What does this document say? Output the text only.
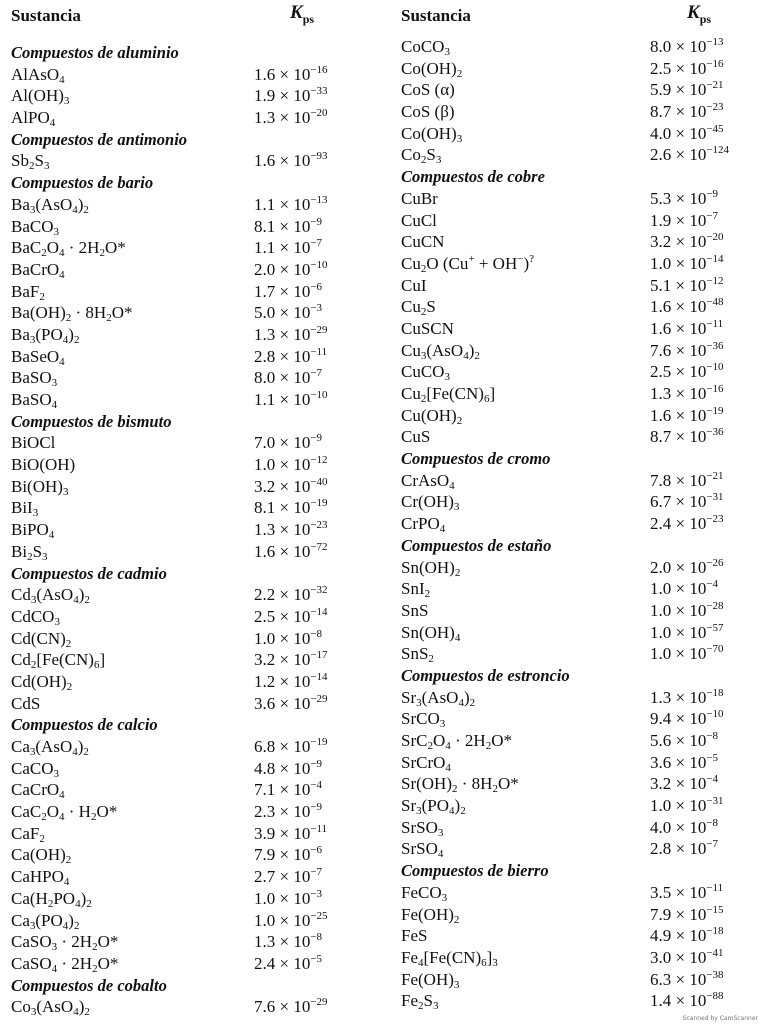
Sustancia	$K_{ps}$
Compuestos de aluminio
AlAsO$_4$	$1.6 \times 10^{-16}$
$Al(OH)_3$	$1.9 \times 10^{-33}$
AlPO$_4$	$1.3 \times 10^{-20}$
Compuestos de antimonio
$Sb_2S_3$	$1.6 \times 10^{-93}$
Compuestos de bario
$Ba_3(AsO_4)_2$	$1.1 \times 10^{-13}$
BaCO$_3$	$8.1 \times 10^{-9}$
$BaC_2O_4 \cdot 2H_2O*$	$1.1 \times 10^{-7}$
BaCrO$_4$	$2.0 \times 10^{-10}$
BaF$_2$	$1.7 \times 10^{-6}$
$Ba(OH)_2 \cdot 8H_2O*$	$5.0 \times 10^{-3}$
$Ba_3(PO_4)_2$	$1.3 \times 10^{-29}$
BaSeO$_4$	$2.8 \times 10^{-11}$
BaSO$_3$	$8.0 \times 10^{-7}$
BaSO$_4$	$1.1 \times 10^{-10}$
Compuestos de bismuto
BiOCl	$7.0 \times 10^{-9}$
BiO(OH)	$1.0 \times 10^{-12}$
$Bi(OH)_3$	$3.2 \times 10^{-40}$
BiI$_3$	$8.1 \times 10^{-19}$
BiPO$_4$	$1.3 \times 10^{-23}$
$Bi_2S_3$	$1.6 \times 10^{-72}$
Compuestos de cadmio
$Cd_3(AsO_4)_2$	$2.2 \times 10^{-32}$
CdCO$_3$	$2.5 \times 10^{-14}$
$Cd(CN)_2$	$1.0 \times 10^{-8}$
$Cd_2[Fe(CN)_6]$	$3.2 \times 10^{-17}$
$Cd(OH)_2$	$1.2 \times 10^{-14}$
CdS	$3.6 \times 10^{-29}$
Compuestos de calcio
$Ca_3(AsO_4)_2$	$6.8 \times 10^{-19}$
CaCO$_3$	$4.8 \times 10^{-9}$
CaCrO$_4$	$7.1 \times 10^{-4}$
$CaC_2O_4 \cdot H_2O*$	$2.3 \times 10^{-9}$
CaF$_2$	$3.9 \times 10^{-11}$
$Ca(OH)_2$	$7.9 \times 10^{-6}$
CaHPO$_4$	$2.7 \times 10^{-7}$
$Ca(H_2PO_4)_2$	$1.0 \times 10^{-3}$
$Ca_3(PO_4)_2$	$1.0 \times 10^{-25}$
CaSO$_3$ · $2H_2O*$	$1.3 \times 10^{-8}$
CaSO$_4$ · $2H_2O*$	$2.4 \times 10^{-5}$
Compuestos de cobalto
$Co_3(AsO_4)_2$	$7.6 \times 10^{-29}$
Sustancia	$K_{ps}$
CoCO$_3$	$8.0 \times 10^{-13}$
$Co(OH)_2$	$2.5 \times 10^{-16}$
CoS (α)	$5.9 \times 10^{-21}$
CoS (β)	$8.7 \times 10^{-23}$
$Co(OH)_3$	$4.0 \times 10^{-45}$
$Co_2S_3$	$2.6 \times 10^{-124}$
Compuestos de cobre
CuBr	$5.3 \times 10^{-9}$
CuCl	$1.9 \times 10^{-7}$
CuCN	$3.2 \times 10^{-20}$
$Cu_2O$ (Cu+ + OH−)?	$1.0 \times 10^{-14}$
CuI	$5.1 \times 10^{-12}$
$Cu_2S$	$1.6 \times 10^{-48}$
CuSCN	$1.6 \times 10^{-11}$
$Cu_3(AsO_4)_2$	$7.6 \times 10^{-36}$
CuCO$_3$	$2.5 \times 10^{-10}$
$Cu_2[Fe(CN)_6]$	$1.3 \times 10^{-16}$
$Cu(OH)_2$	$1.6 \times 10^{-19}$
CuS	$8.7 \times 10^{-36}$
Compuestos de cromo
CrAsO$_4$	$7.8 \times 10^{-21}$
$Cr(OH)_3$	$6.7 \times 10^{-31}$
CrPO$_4$	$2.4 \times 10^{-23}$
Compuestos de estaño
$Sn(OH)_2$	$2.0 \times 10^{-26}$
SnI$_2$	$1.0 \times 10^{-4}$
SnS	$1.0 \times 10^{-28}$
$Sn(OH)_4$	$1.0 \times 10^{-57}$
SnS$_2$	$1.0 \times 10^{-70}$
Compuestos de estroncio
$Sr_3(AsO_4)_2$	$1.3 \times 10^{-18}$
SrCO$_3$	$9.4 \times 10^{-10}$
$SrC_2O_4 \cdot 2H_2O*$	$5.6 \times 10^{-8}$
SrCrO$_4$	$3.6 \times 10^{-5}$
$Sr(OH)_2 \cdot 8H_2O*$	$3.2 \times 10^{-4}$
$Sr_3(PO_4)_2$	$1.0 \times 10^{-31}$
SrSO$_3$	$4.0 \times 10^{-8}$
SrSO$_4$	$2.8 \times 10^{-7}$
Compuestos de bierro
FeCO$_3$	$3.5 \times 10^{-11}$
$Fe(OH)_2$	$7.9 \times 10^{-15}$
FeS	$4.9 \times 10^{-18}$
$Fe_4[Fe(CN)_6]_3$	$3.0 \times 10^{-41}$
$Fe(OH)_3$	$6.3 \times 10^{-38}$
$Fe_2S_3$	$1.4 \times 10^{-88}$
Scanned by CamScanner
